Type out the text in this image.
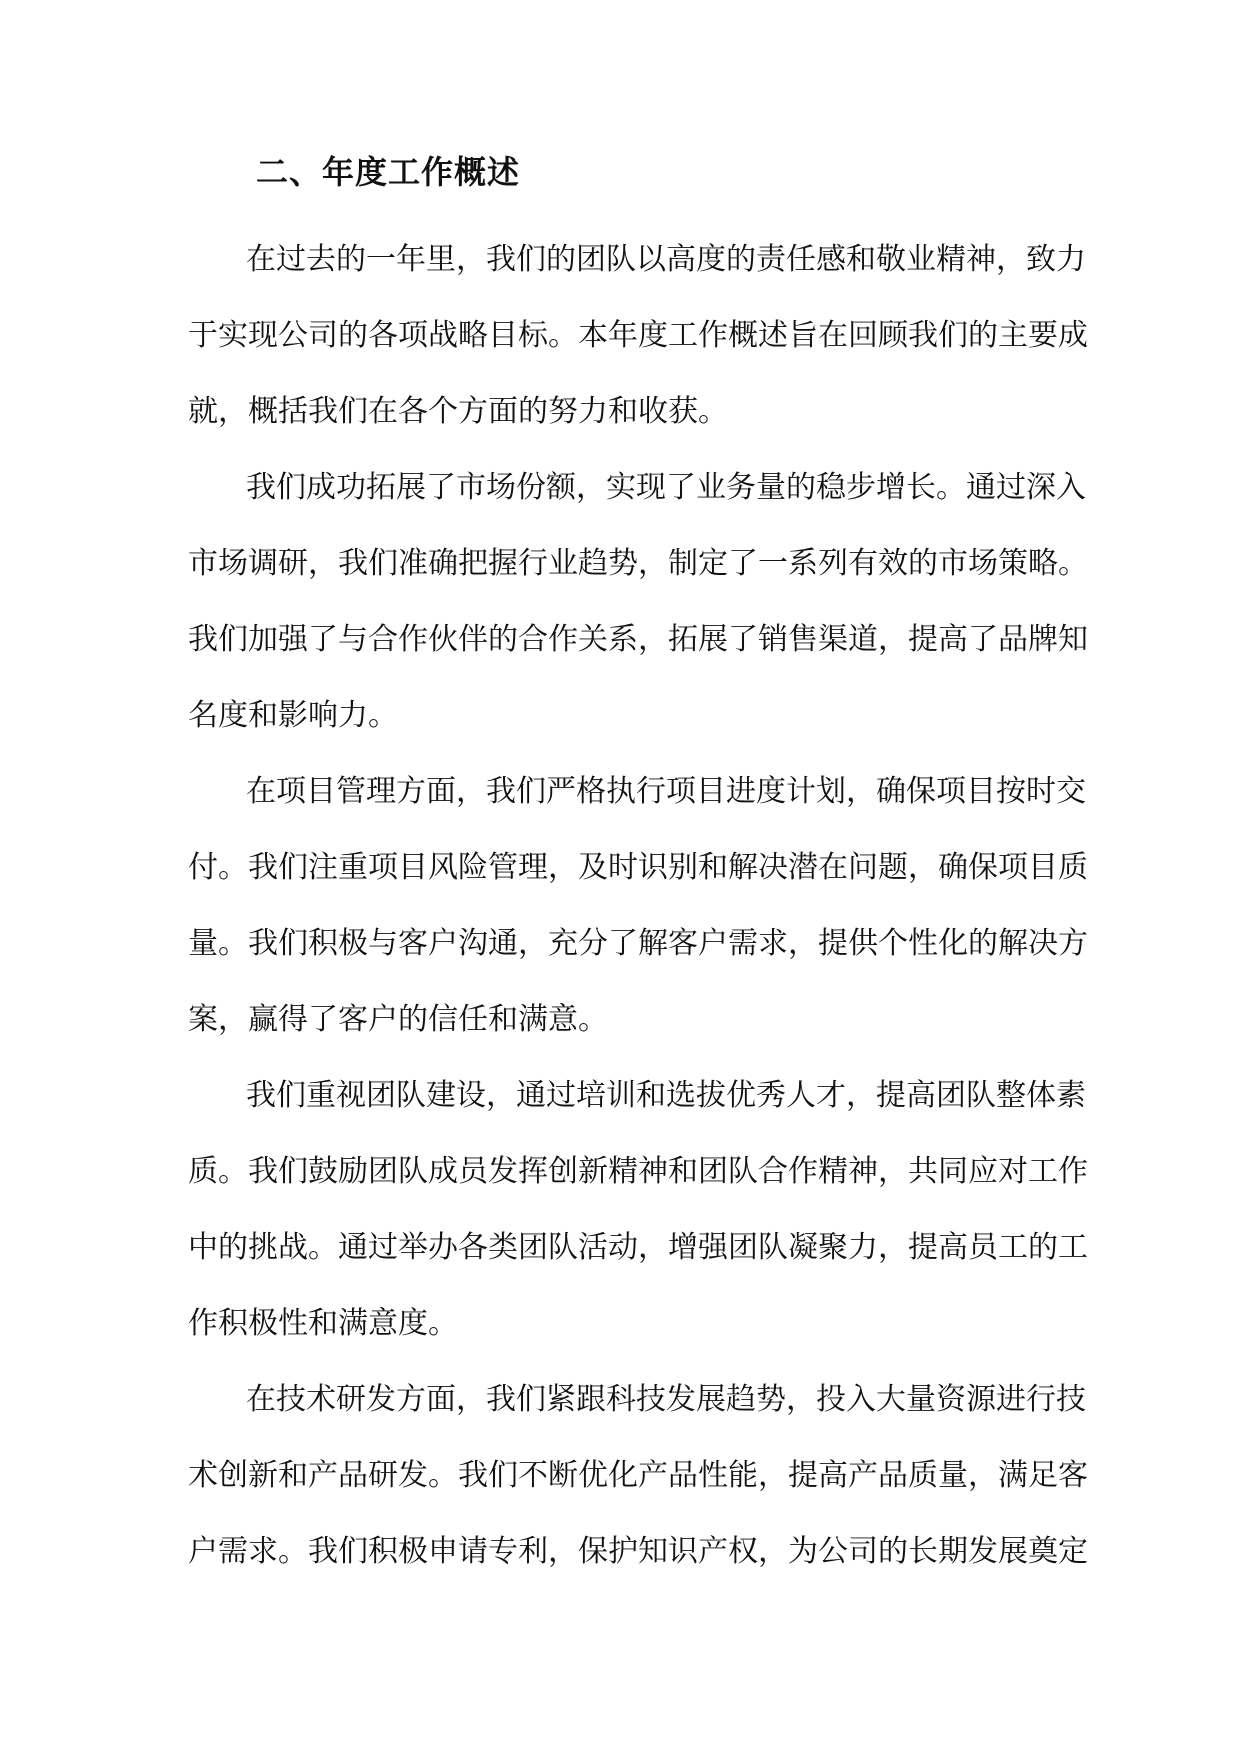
二、年度工作概述
在过去的一年里，我们的团队以高度的责任感和敬业精神，致力
于实现公司的各项战略目标。本年度工作概述旨在回顾我们的主要成
就，概括我们在各个方面的努力和收获。
我们成功拓展了市场份额，实现了业务量的稳步增长。通过深入
市场调研，我们准确把握行业趋势，制定了一系列有效的市场策略。
我们加强了与合作伙伴的合作关系，拓展了销售渠道，提高了品牌知
名度和影响力。
在项目管理方面，我们严格执行项目进度计划，确保项目按时交
付。我们注重项目风险管理，及时识别和解决潜在问题，确保项目质
量。我们积极与客户沟通，充分了解客户需求，提供个性化的解决方
案，赢得了客户的信任和满意。
我们重视团队建设，通过培训和选拔优秀人才，提高团队整体素
质。我们鼓励团队成员发挥创新精神和团队合作精神，共同应对工作
中的挑战。通过举办各类团队活动，增强团队凝聚力，提高员工的工
作积极性和满意度。
在技术研发方面，我们紧跟科技发展趋势，投入大量资源进行技
术创新和产品研发。我们不断优化产品性能，提高产品质量，满足客
户需求。我们积极申请专利，保护知识产权，为公司的长期发展奠定
